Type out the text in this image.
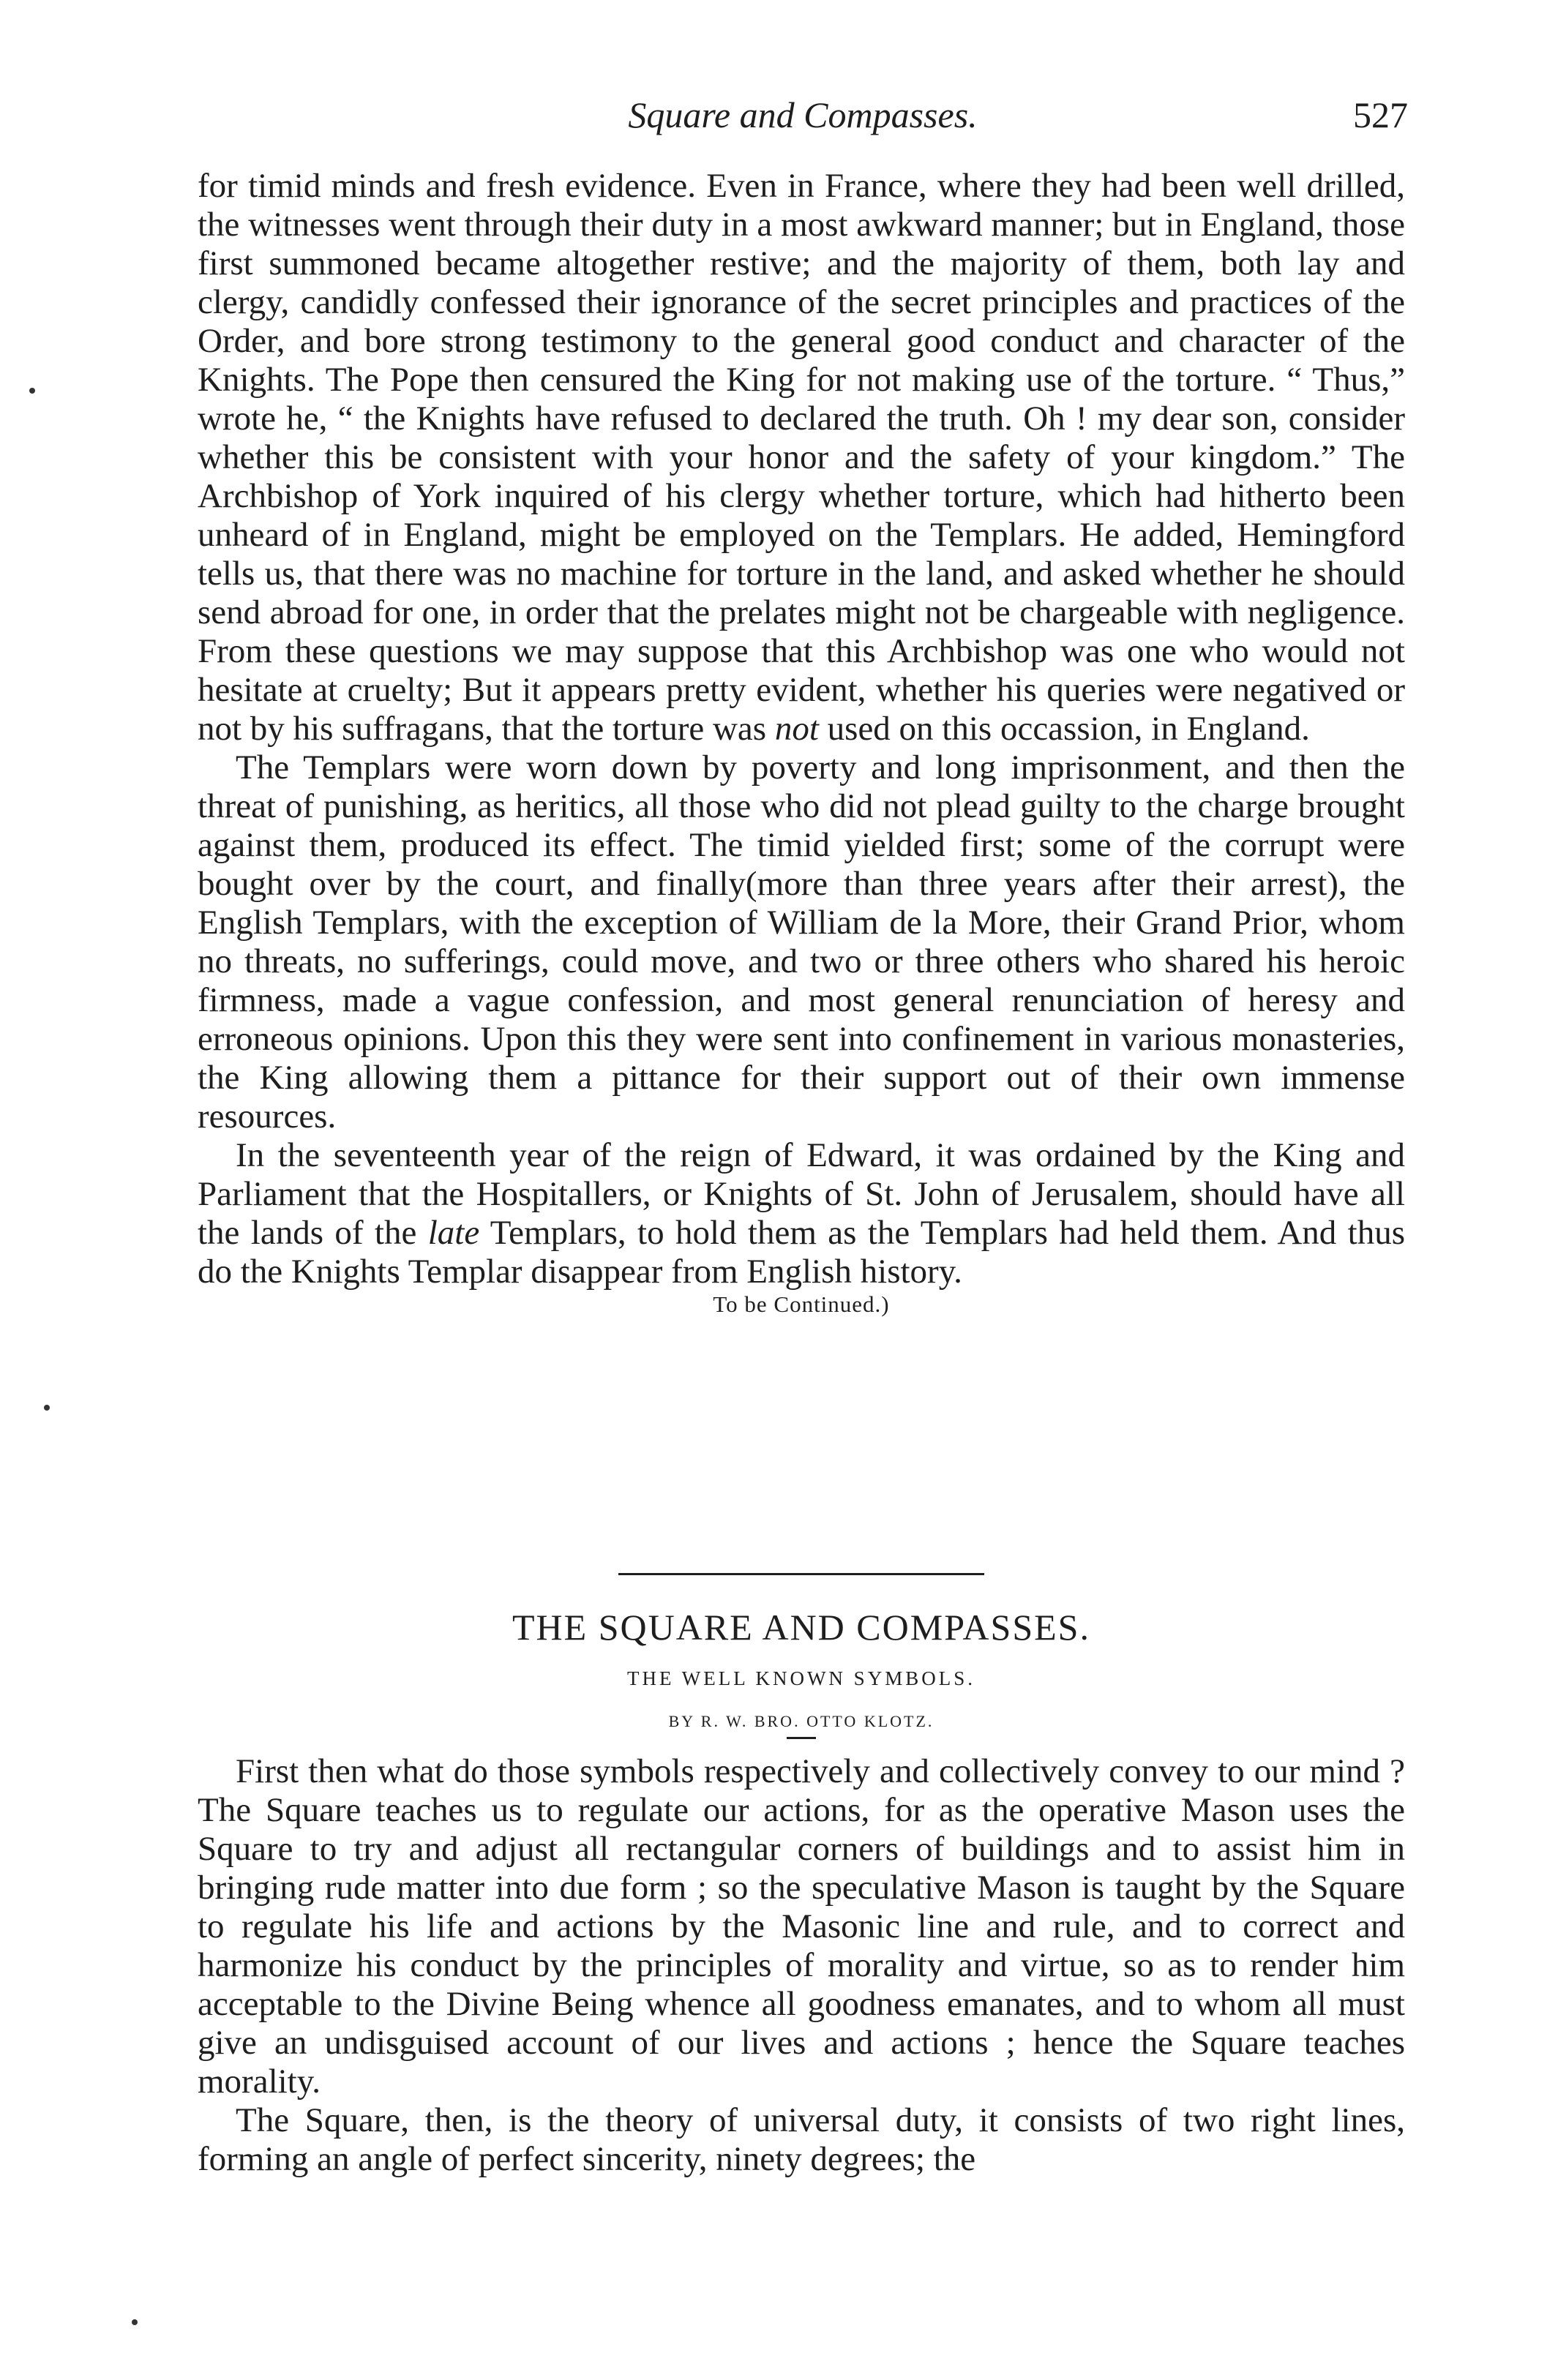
Square and Compasses.	527

for timid minds and fresh evidence. Even in France, where they had been well drilled, the witnesses went through their duty in a most awkward manner; but in England, those first summoned became altogether restive; and the majority of them, both lay and clergy, candidly confessed their ignorance of the secret principles and practices of the Order, and bore strong testimony to the general good conduct and character of the Knights. The Pope then censured the King for not making use of the torture. “ Thus,” wrote he, “ the Knights have refused to declared the truth. Oh ! my dear son, consider whether this be consistent with your honor and the safety of your kingdom.” The Archbishop of York inquired of his clergy whether torture, which had hitherto been unheard of in England, might be employed on the Templars. He added, Hemingford tells us, that there was no machine for torture in the land, and asked whether he should send abroad for one, in order that the prelates might not be chargeable with negligence. From these questions we may suppose that this Archbishop was one who would not hesitate at cruelty; But it appears pretty evident, whether his queries were negatived or not by his suffragans, that the torture was not used on this occassion, in England.

The Templars were worn down by poverty and long imprisonment, and then the threat of punishing, as heritics, all those who did not plead guilty to the charge brought against them, produced its effect. The timid yielded first; some of the corrupt were bought over by the court, and finally(more than three years after their arrest), the English Templars, with the exception of William de la More, their Grand Prior, whom no threats, no sufferings, could move, and two or three others who shared his heroic firmness, made a vague confession, and most general renunciation of heresy and erroneous opinions. Upon this they were sent into confinement in various monasteries, the King allowing them a pittance for their support out of their own immense resources.

In the seventeenth year of the reign of Edward, it was ordained by the King and Parliament that the Hospitallers, or Knights of St. John of Jerusalem, should have all the lands of the late Templars, to hold them as the Templars had held them. And thus do the Knights Templar disappear from English history.

To be Continued.)

THE SQUARE AND COMPASSES.

THE WELL KNOWN SYMBOLS.

BY R. W. BRO. OTTO KLOTZ.

First then what do those symbols respectively and collectively convey to our mind ? The Square teaches us to regulate our actions, for as the operative Mason uses the Square to try and adjust all rectangular corners of buildings and to assist him in bringing rude matter into due form ; so the speculative Mason is taught by the Square to regulate his life and actions by the Masonic line and rule, and to correct and harmonize his conduct by the principles of morality and virtue, so as to render him acceptable to the Divine Being whence all goodness emanates, and to whom all must give an undisguised account of our lives and actions ; hence the Square teaches morality.

The Square, then, is the theory of universal duty, it consists of two right lines, forming an angle of perfect sincerity, ninety degrees; the
